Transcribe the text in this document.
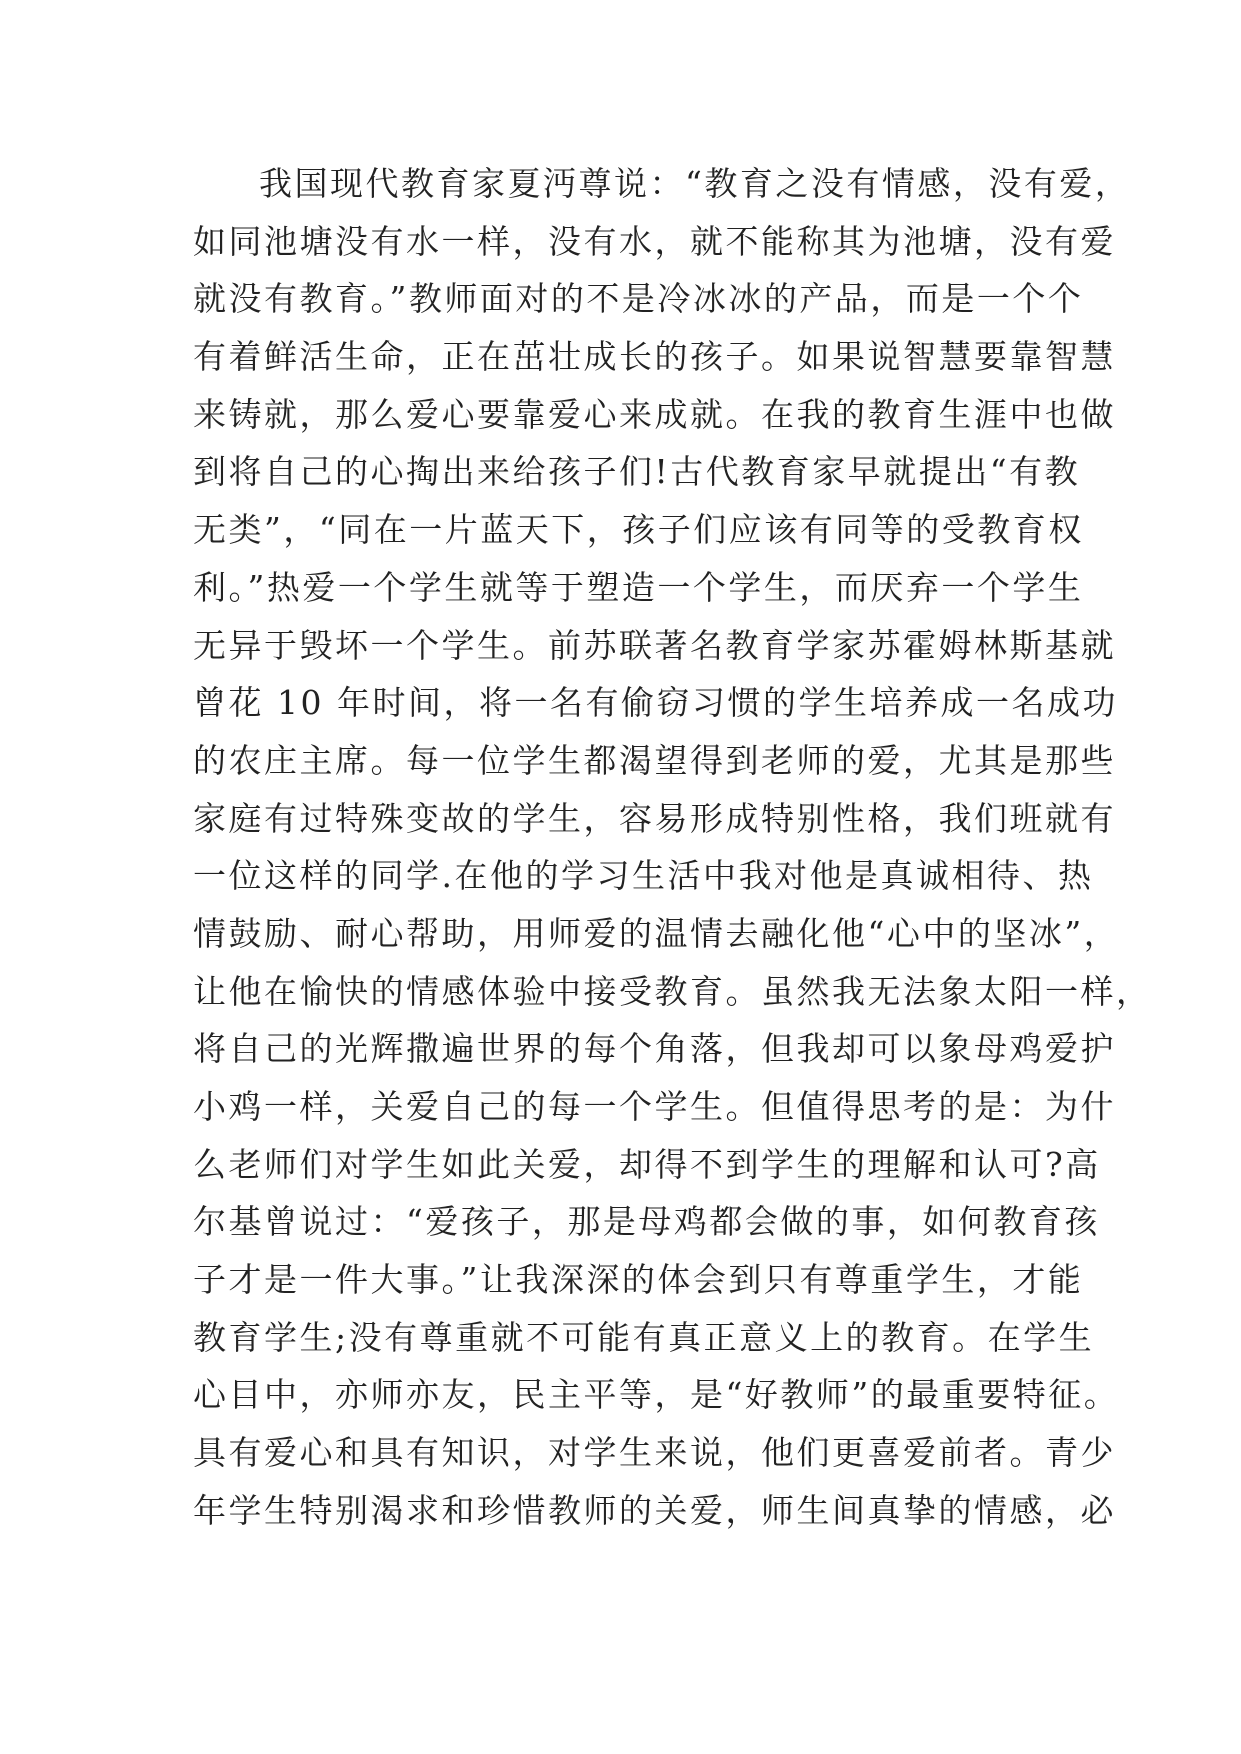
我国现代教育家夏沔尊说：“教育之没有情感，没有爱，
如同池塘没有水一样，没有水，就不能称其为池塘，没有爱
就没有教育。”教师面对的不是冷冰冰的产品，而是一个个
有着鲜活生命，正在茁壮成长的孩子。如果说智慧要靠智慧
来铸就，那么爱心要靠爱心来成就。在我的教育生涯中也做
到将自己的心掏出来给孩子们!古代教育家早就提出“有教
无类”，“同在一片蓝天下，孩子们应该有同等的受教育权
利。”热爱一个学生就等于塑造一个学生，而厌弃一个学生
无异于毁坏一个学生。前苏联著名教育学家苏霍姆林斯基就
曾花 10 年时间，将一名有偷窃习惯的学生培养成一名成功
的农庄主席。每一位学生都渴望得到老师的爱，尤其是那些
家庭有过特殊变故的学生，容易形成特别性格，我们班就有
一位这样的同学.在他的学习生活中我对他是真诚相待、热
情鼓励、耐心帮助，用师爱的温情去融化他“心中的坚冰”，
让他在愉快的情感体验中接受教育。虽然我无法象太阳一样，
将自己的光辉撒遍世界的每个角落，但我却可以象母鸡爱护
小鸡一样，关爱自己的每一个学生。但值得思考的是：为什
么老师们对学生如此关爱，却得不到学生的理解和认可?高
尔基曾说过：“爱孩子，那是母鸡都会做的事，如何教育孩
子才是一件大事。”让我深深的体会到只有尊重学生，才能
教育学生;没有尊重就不可能有真正意义上的教育。在学生
心目中，亦师亦友，民主平等，是“好教师”的最重要特征。
具有爱心和具有知识，对学生来说，他们更喜爱前者。青少
年学生特别渴求和珍惜教师的关爱，师生间真挚的情感，必
